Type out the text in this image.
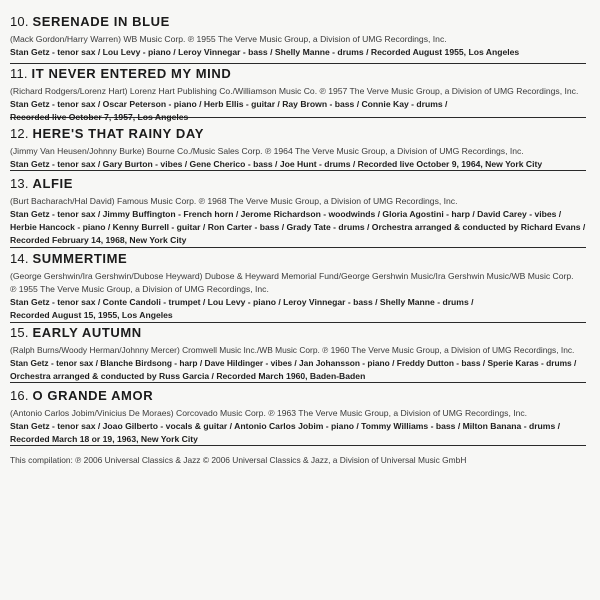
10. SERENADE IN BLUE
(Mack Gordon/Harry Warren) WB Music Corp. ℗ 1955 The Verve Music Group, a Division of UMG Recordings, Inc.
Stan Getz - tenor sax / Lou Levy - piano / Leroy Vinnegar - bass / Shelly Manne - drums / Recorded August 1955, Los Angeles
11. IT NEVER ENTERED MY MIND
(Richard Rodgers/Lorenz Hart) Lorenz Hart Publishing Co./Williamson Music Co. ℗ 1957 The Verve Music Group, a Division of UMG Recordings, Inc.
Stan Getz - tenor sax / Oscar Peterson - piano / Herb Ellis - guitar / Ray Brown - bass / Connie Kay - drums /
Recorded live October 7, 1957, Los Angeles
12. HERE'S THAT RAINY DAY
(Jimmy Van Heusen/Johnny Burke) Bourne Co./Music Sales Corp. ℗ 1964 The Verve Music Group, a Division of UMG Recordings, Inc.
Stan Getz - tenor sax / Gary Burton - vibes / Gene Cherico - bass / Joe Hunt - drums / Recorded live October 9, 1964, New York City
13. ALFIE
(Burt Bacharach/Hal David) Famous Music Corp. ℗ 1968 The Verve Music Group, a Division of UMG Recordings, Inc.
Stan Getz - tenor sax / Jimmy Buffington - French horn / Jerome Richardson - woodwinds / Gloria Agostini - harp / David Carey - vibes /
Herbie Hancock - piano / Kenny Burrell - guitar / Ron Carter - bass / Grady Tate - drums / Orchestra arranged & conducted by Richard Evans /
Recorded February 14, 1968, New York City
14. SUMMERTIME
(George Gershwin/Ira Gershwin/Dubose Heyward) Dubose & Heyward Memorial Fund/George Gershwin Music/Ira Gershwin Music/WB Music Corp.
℗ 1955 The Verve Music Group, a Division of UMG Recordings, Inc.
Stan Getz - tenor sax / Conte Candoli - trumpet / Lou Levy - piano / Leroy Vinnegar - bass / Shelly Manne - drums /
Recorded August 15, 1955, Los Angeles
15. EARLY AUTUMN
(Ralph Burns/Woody Herman/Johnny Mercer) Cromwell Music Inc./WB Music Corp. ℗ 1960 The Verve Music Group, a Division of UMG Recordings, Inc.
Stan Getz - tenor sax / Blanche Birdsong - harp / Dave Hildinger - vibes / Jan Johansson - piano / Freddy Dutton - bass / Sperie Karas - drums /
Orchestra arranged & conducted by Russ Garcia / Recorded March 1960, Baden-Baden
16. O GRANDE AMOR
(Antonio Carlos Jobim/Vinicius De Moraes) Corcovado Music Corp. ℗ 1963 The Verve Music Group, a Division of UMG Recordings, Inc.
Stan Getz - tenor sax / Joao Gilberto - vocals & guitar / Antonio Carlos Jobim - piano / Tommy Williams - bass / Milton Banana - drums /
Recorded March 18 or 19, 1963, New York City
This compilation: ℗ 2006 Universal Classics & Jazz © 2006 Universal Classics & Jazz, a Division of Universal Music GmbH
